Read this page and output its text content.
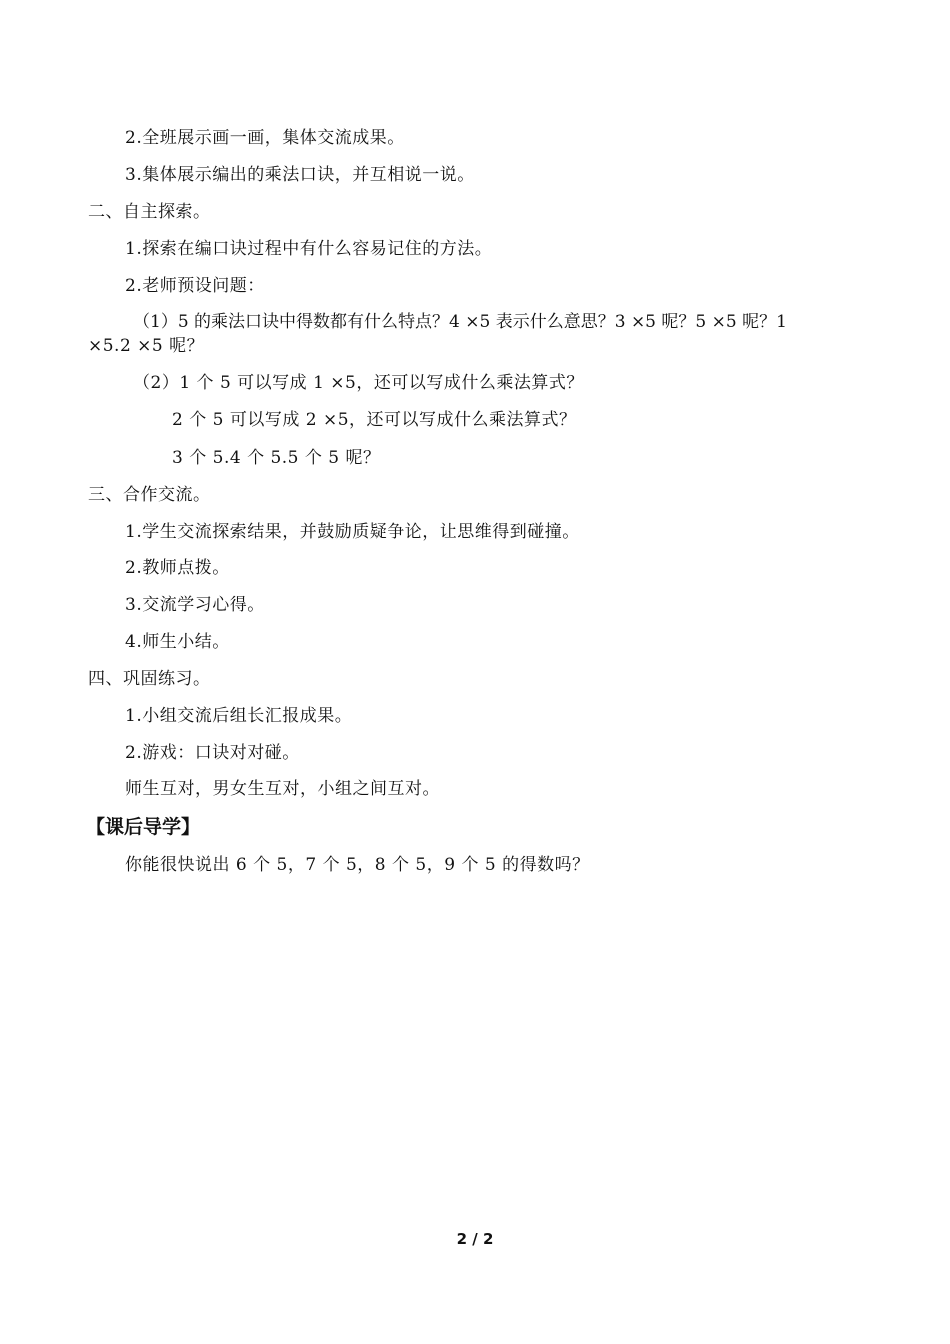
2.全班展示画一画，集体交流成果。
3.集体展示编出的乘法口诀，并互相说一说。
二、自主探索。
1.探索在编口诀过程中有什么容易记住的方法。
2.老师预设问题：
（1）5 的乘法口诀中得数都有什么特点？4 ×5 表示什么意思？3 ×5 呢？5 ×5 呢？1
×5.2 ×5 呢？
（2）1 个 5 可以写成 1 ×5，还可以写成什么乘法算式？
2 个 5 可以写成 2 ×5，还可以写成什么乘法算式？
3 个 5.4 个 5.5 个 5 呢？
三、合作交流。
1.学生交流探索结果，并鼓励质疑争论，让思维得到碰撞。
2.教师点拨。
3.交流学习心得。
4.师生小结。
四、巩固练习。
1.小组交流后组长汇报成果。
2.游戏：口诀对对碰。
师生互对，男女生互对，小组之间互对。
【课后导学】
你能很快说出 6 个 5，7 个 5，8 个 5，9 个 5 的得数吗？
2 / 2
